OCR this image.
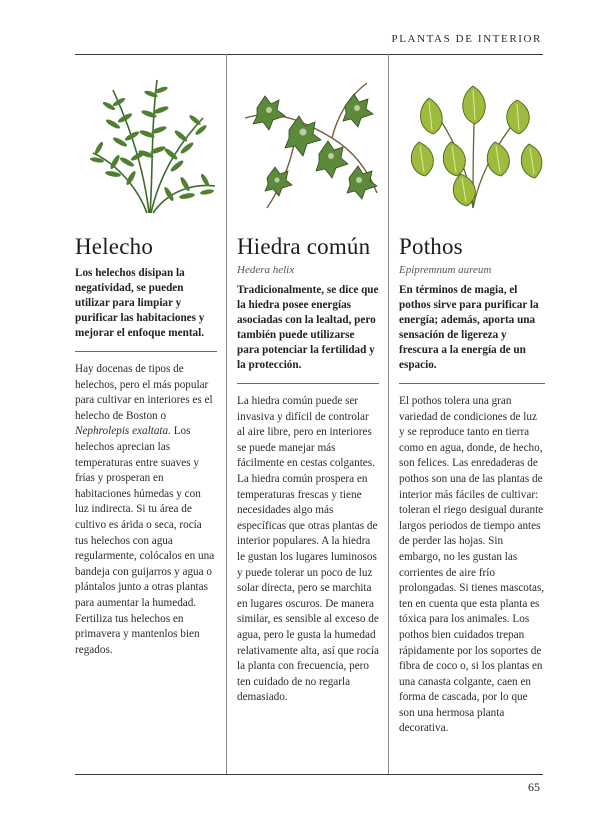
PLANTAS DE INTERIOR
65
Helecho
Los helechos disipan la negatividad, se pueden utilizar para limpiar y purificar las habitaciones y mejorar el enfoque mental.
Hay docenas de tipos de helechos, pero el más popular para cultivar en interiores es el helecho de Boston o Nephrolepis exaltata. Los helechos aprecian las temperaturas entre suaves y frías y prosperan en habitaciones húmedas y con luz indirecta. Si tu área de cultivo es árida o seca, rocía tus helechos con agua regularmente, colócalos en una bandeja con guijarros y agua o plántalos junto a otras plantas para aumentar la humedad. Fertiliza tus helechos en primavera y mantenlos bien regados.
Hiedra común
Hedera helix
Tradicionalmente, se dice que la hiedra posee energías asociadas con la lealtad, pero también puede utilizarse para potenciar la fertilidad y la protección.
La hiedra común puede ser invasiva y difícil de controlar al aire libre, pero en interiores se puede manejar más fácilmente en cestas colgantes. La hiedra común prospera en temperaturas frescas y tiene necesidades algo más específicas que otras plantas de interior populares. A la hiedra le gustan los lugares luminosos y puede tolerar un poco de luz solar directa, pero se marchita en lugares oscuros. De manera similar, es sensible al exceso de agua, pero le gusta la humedad relativamente alta, así que rocía la planta con frecuencia, pero ten cuidado de no regarla demasiado.
Pothos
Epipremnum aureum
En términos de magia, el pothos sirve para purificar la energía; además, aporta una sensación de ligereza y frescura a la energía de un espacio.
El pothos tolera una gran variedad de condiciones de luz y se reproduce tanto en tierra como en agua, donde, de hecho, son felices. Las enredaderas de pothos son una de las plantas de interior más fáciles de cultivar: toleran el riego desigual durante largos periodos de tiempo antes de perder las hojas. Sin embargo, no les gustan las corrientes de aire frío prolongadas. Si tienes mascotas, ten en cuenta que esta planta es tóxica para los animales. Los pothos bien cuidados trepan rápidamente por los soportes de fibra de coco o, si los plantas en una canasta colgante, caen en forma de cascada, por lo que son una hermosa planta decorativa.
